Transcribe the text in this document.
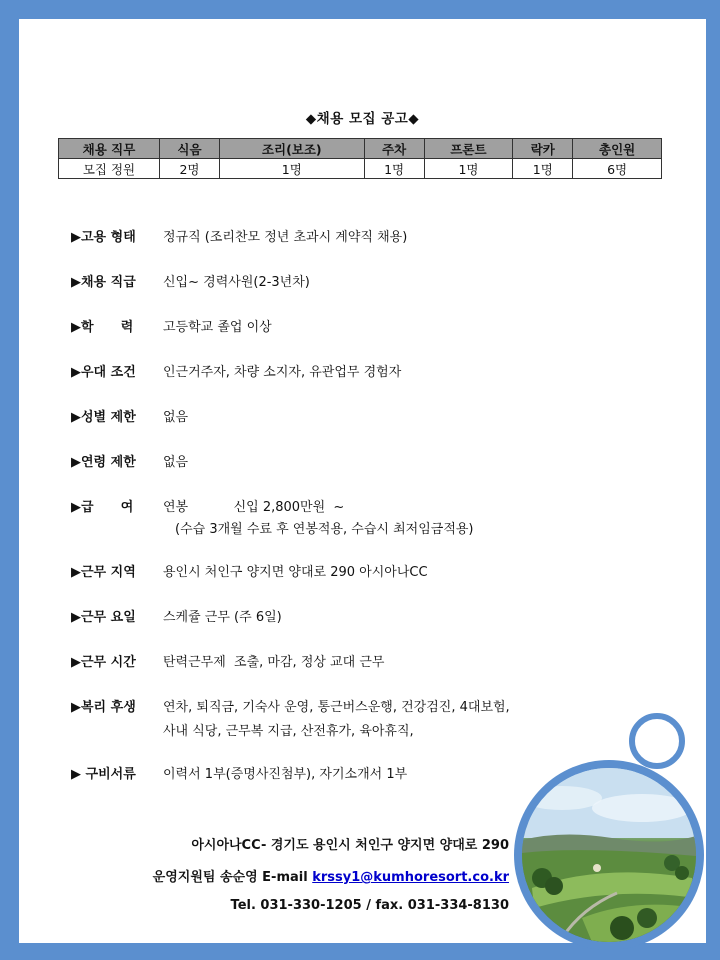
◆채용 모집 공고◆
채용 직무	식음	조리(보조)	주차	프론트	락카	총인원
모집 정원	2명	1명	1명	1명	1명	6명
▶고용 형태	정규직 (조리찬모 정년 초과시 계약직 채용)
▶채용 직급	신입~ 경력사원(2-3년차)
▶학      력	고등학교 졸업 이상
▶우대 조건	인근거주자, 차량 소지자, 유관업무 경험자
▶성별 제한	없음
▶연령 제한	없음
▶급      여	연봉           신입 2,800만원  ~
(수습 3개월 수료 후 연봉적용, 수습시 최저임금적용)
▶근무 지역	용인시 처인구 양지면 양대로 290 아시아나CC
▶근무 요일	스케쥴 근무 (주 6일)
▶근무 시간	탄력근무제  조출, 마감, 정상 교대 근무
▶복리 후생	연차, 퇴직금, 기숙사 운영, 통근버스운행, 건강검진, 4대보험,
사내 식당, 근무복 지급, 산전휴가, 육아휴직,
▶ 구비서류	이력서 1부(증명사진첨부), 자기소개서 1부
아시아나CC- 경기도 용인시 처인구 양지면 양대로 290
운영지원팀 송순영 E-mail krssy1@kumhoresort.co.kr
Tel. 031-330-1205 / fax. 031-334-8130
